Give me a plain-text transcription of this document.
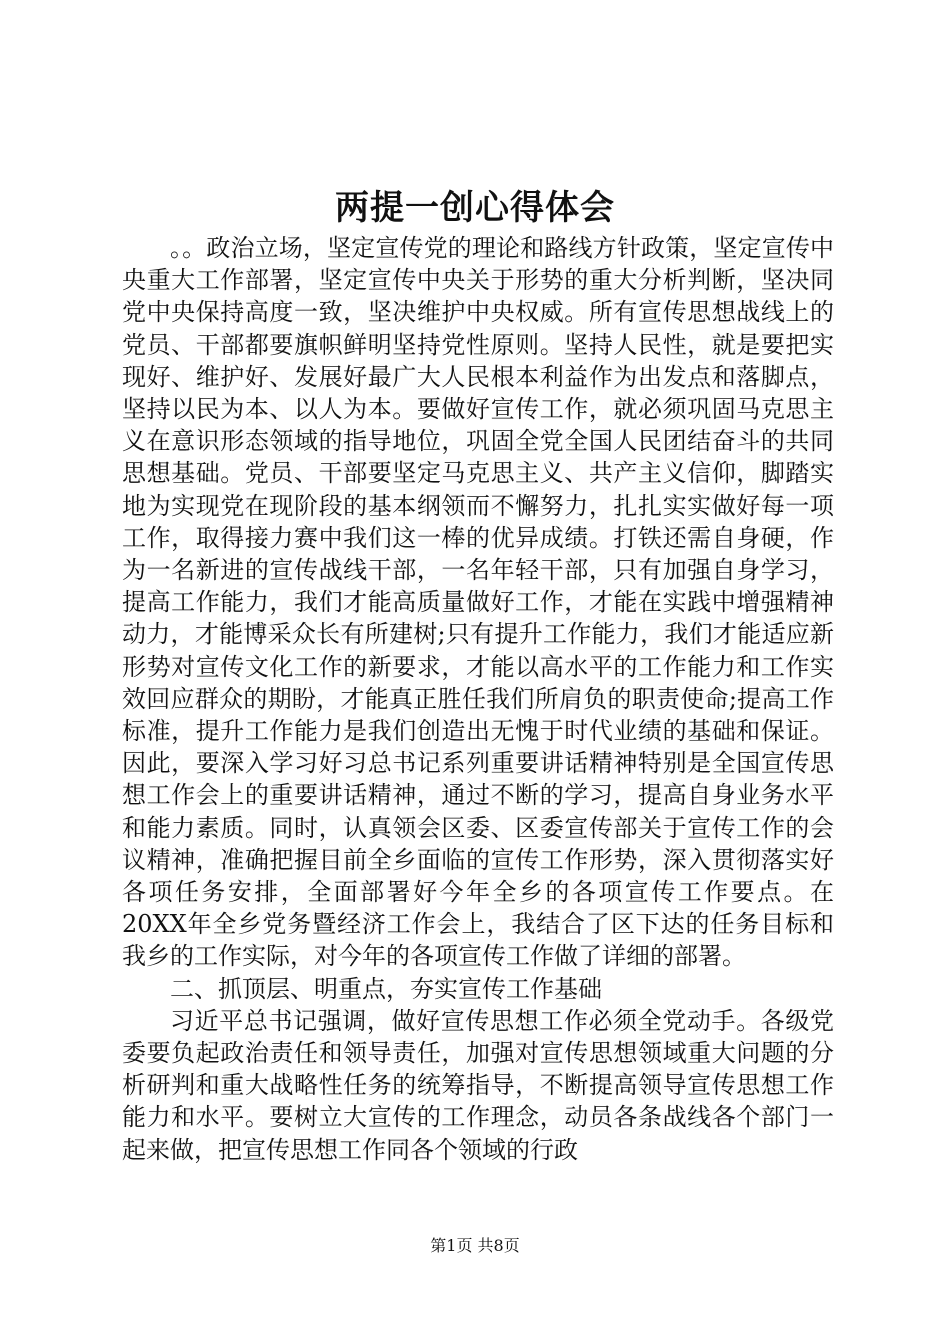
两提一创心得体会

。。政治立场，坚定宣传党的理论和路线方针政策，坚定宣传中央重大工作部署，坚定宣传中央关于形势的重大分析判断，坚决同党中央保持高度一致，坚决维护中央权威。所有宣传思想战线上的党员、干部都要旗帜鲜明坚持党性原则。坚持人民性，就是要把实现好、维护好、发展好最广大人民根本利益作为出发点和落脚点，坚持以民为本、以人为本。要做好宣传工作，就必须巩固马克思主义在意识形态领域的指导地位，巩固全党全国人民团结奋斗的共同思想基础。党员、干部要坚定马克思主义、共产主义信仰，脚踏实地为实现党在现阶段的基本纲领而不懈努力，扎扎实实做好每一项工作，取得接力赛中我们这一棒的优异成绩。打铁还需自身硬，作为一名新进的宣传战线干部，一名年轻干部，只有加强自身学习，提高工作能力，我们才能高质量做好工作，才能在实践中增强精神动力，才能博采众长有所建树;只有提升工作能力，我们才能适应新形势对宣传文化工作的新要求，才能以高水平的工作能力和工作实效回应群众的期盼，才能真正胜任我们所肩负的职责使命;提高工作标准，提升工作能力是我们创造出无愧于时代业绩的基础和保证。因此，要深入学习好习总书记系列重要讲话精神特别是全国宣传思想工作会上的重要讲话精神，通过不断的学习，提高自身业务水平和能力素质。同时，认真领会区委、区委宣传部关于宣传工作的会议精神，准确把握目前全乡面临的宣传工作形势，深入贯彻落实好各项任务安排，全面部署好今年全乡的各项宣传工作要点。在20XX年全乡党务暨经济工作会上，我结合了区下达的任务目标和我乡的工作实际，对今年的各项宣传工作做了详细的部署。

二、抓顶层、明重点，夯实宣传工作基础

习近平总书记强调，做好宣传思想工作必须全党动手。各级党委要负起政治责任和领导责任，加强对宣传思想领域重大问题的分析研判和重大战略性任务的统筹指导，不断提高领导宣传思想工作能力和水平。要树立大宣传的工作理念，动员各条战线各个部门一起来做，把宣传思想工作同各个领域的行政

第1页 共8页
